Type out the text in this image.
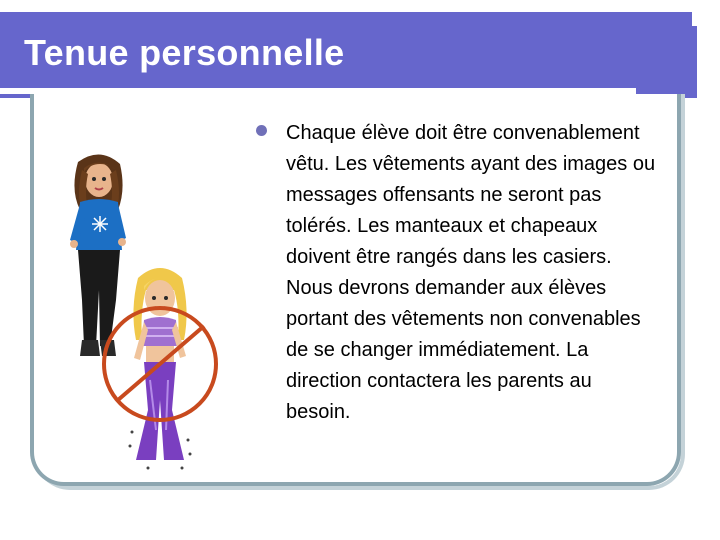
Tenue personnelle
Chaque élève doit être convenablement vêtu. Les vêtements ayant des images ou messages offensants ne seront pas tolérés. Les manteaux et chapeaux doivent être rangés dans les casiers. Nous devrons demander aux élèves portant des vêtements non convenables de se changer immédiatement. La direction contactera les parents au besoin.
